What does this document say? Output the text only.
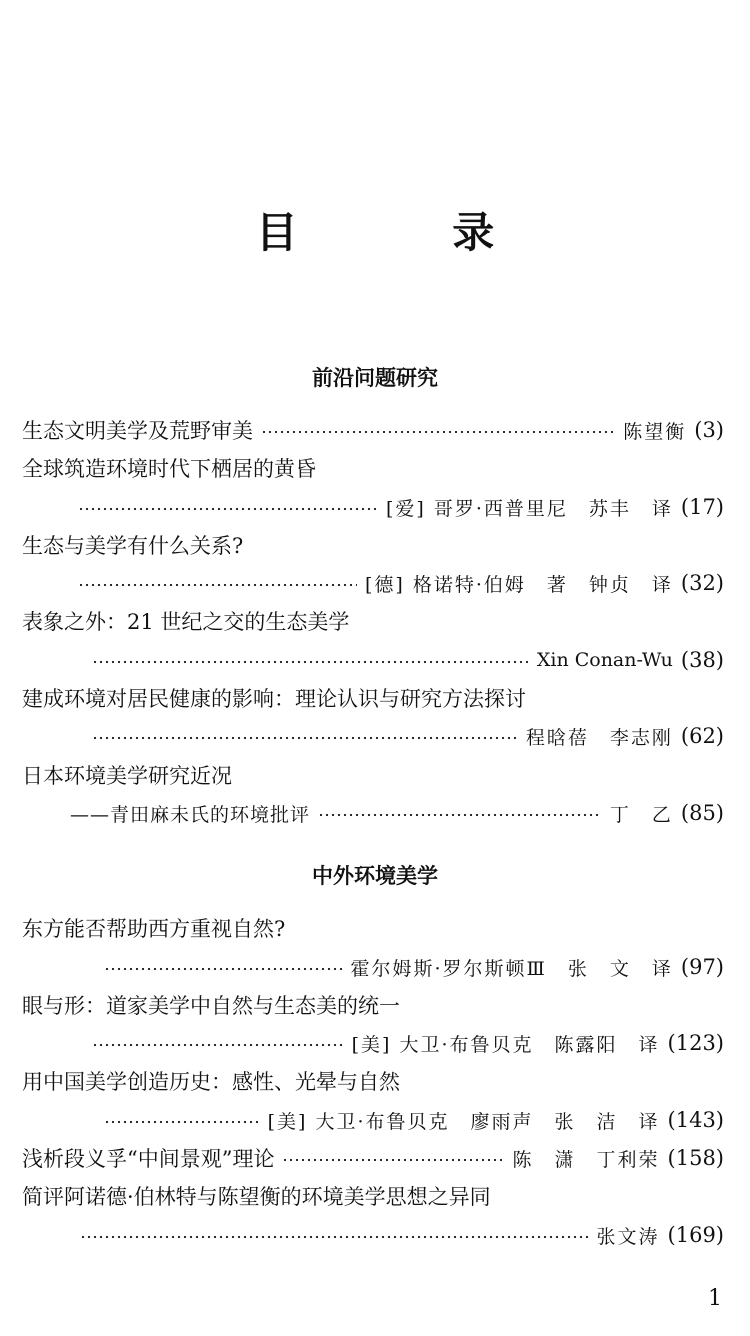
目 录
前沿问题研究
生态文明美学及荒野审美	陈望衡 (3)
全球筑造环境时代下栖居的黄昏
[爱] 哥罗·西普里尼　苏丰　译 (17)
生态与美学有什么关系?
[德] 格诺特·伯姆　著　钟贞　译 (32)
表象之外：21 世纪之交的生态美学
Xin Conan-Wu (38)
建成环境对居民健康的影响：理论认识与研究方法探讨
程晗蓓　李志刚 (62)
日本环境美学研究近况
——青田麻未氏的环境批评	丁　乙 (85)
中外环境美学
东方能否帮助西方重视自然?
霍尔姆斯·罗尔斯顿Ⅲ　张　文　译 (97)
眼与形：道家美学中自然与生态美的统一
[美] 大卫·布鲁贝克　陈露阳　译 (123)
用中国美学创造历史：感性、光晕与自然
[美] 大卫·布鲁贝克　廖雨声　张　洁　译 (143)
浅析段义孚“中间景观”理论	陈　潇　丁利荣 (158)
简评阿诺德·伯林特与陈望衡的环境美学思想之异同
张文涛 (169)
1
